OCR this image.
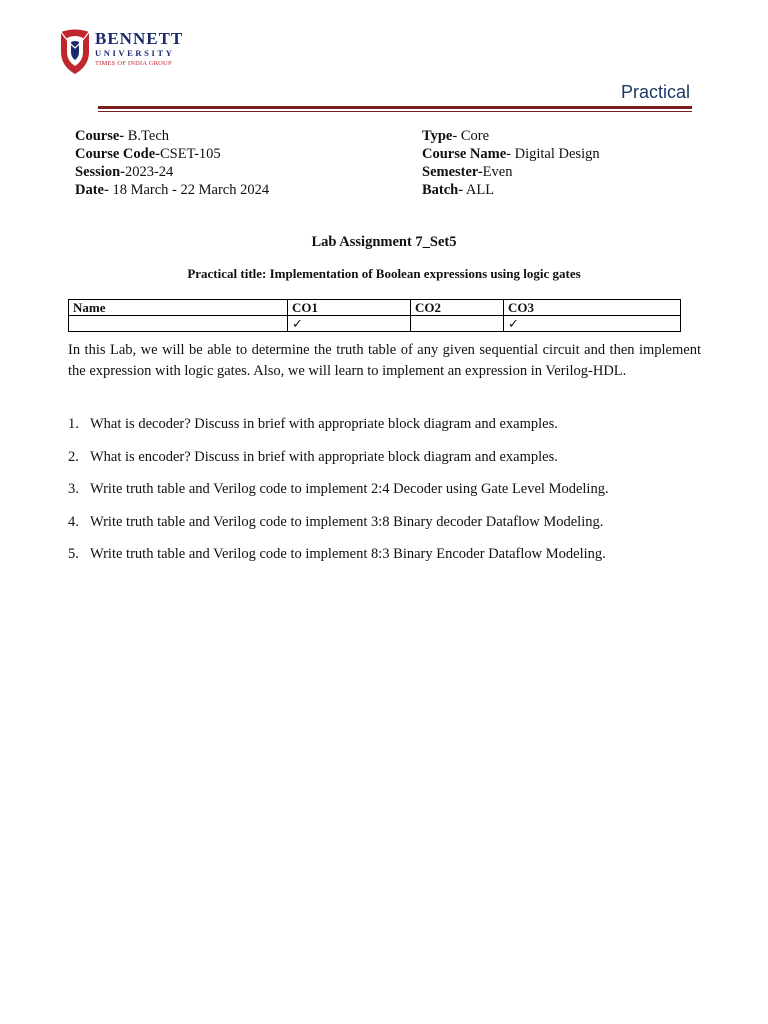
BENNETT
UNIVERSITY
TIMES OF INDIA GROUP
Practical
Course- B.Tech
Course Code-CSET-105
Session-2023-24
Date- 18 March - 22 March 2024
Type- Core
Course Name- Digital Design
Semester-Even
Batch- ALL
Lab Assignment 7_Set5
Practical title: Implementation of Boolean expressions using logic gates
Name	CO1	CO2	CO3
	✓		✓
In this Lab, we will be able to determine the truth table of any given sequential circuit and then implement the expression with logic gates. Also, we will learn to implement an expression in Verilog-HDL.
1. What is decoder? Discuss in brief with appropriate block diagram and examples.
2. What is encoder? Discuss in brief with appropriate block diagram and examples.
3. Write truth table and Verilog code to implement 2:4 Decoder using Gate Level Modeling.
4. Write truth table and Verilog code to implement 3:8 Binary decoder Dataflow Modeling.
5. Write truth table and Verilog code to implement 8:3 Binary Encoder Dataflow Modeling.
